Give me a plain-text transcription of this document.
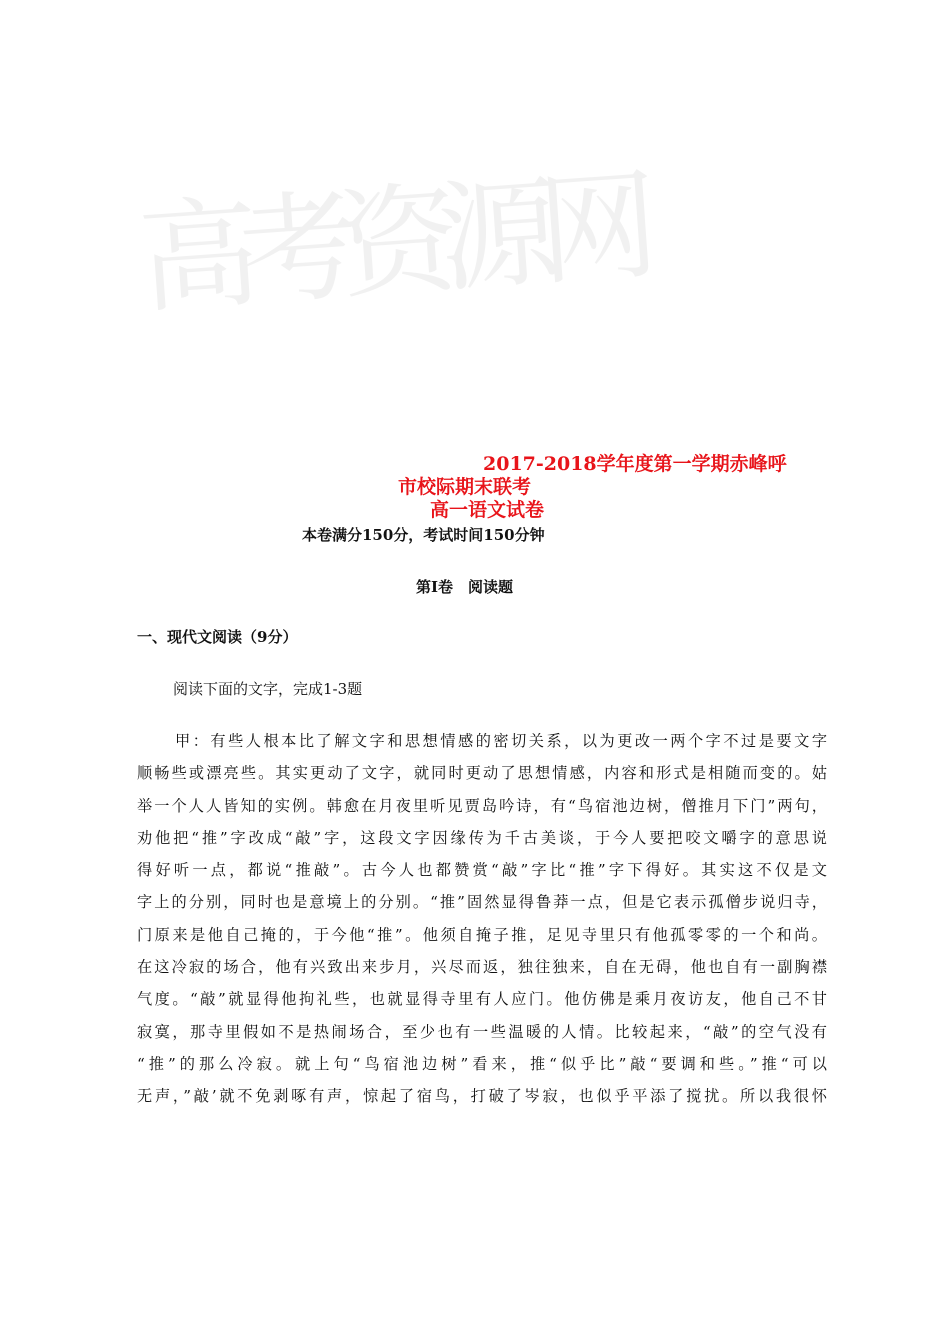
高考资源网
2017-2018学年度第一学期赤峰呼
市校际期末联考
高一语文试卷
本卷满分150分，考试时间150分钟
第Ⅰ卷　阅读题
一、现代文阅读（9分）
阅读下面的文字，完成1-3题
甲：有些人根本比了解文字和思想情感的密切关系，以为更改一两个字不过是要文字
顺畅些或漂亮些。其实更动了文字，就同时更动了思想情感，内容和形式是相随而变的。姑
举一个人人皆知的实例。韩愈在月夜里听见贾岛吟诗，有“鸟宿池边树，僧推月下门”两句，
劝他把“推”字改成“敲”字，这段文字因缘传为千古美谈，于今人要把咬文嚼字的意思说
得好听一点，都说“推敲”。古今人也都赞赏“敲”字比“推”字下得好。其实这不仅是文
字上的分别，同时也是意境上的分别。“推”固然显得鲁莽一点，但是它表示孤僧步说归寺，
门原来是他自己掩的，于今他“推”。他须自掩子推，足见寺里只有他孤零零的一个和尚。
在这冷寂的场合，他有兴致出来步月，兴尽而返，独往独来，自在无碍，他也自有一副胸襟
气度。“敲”就显得他拘礼些，也就显得寺里有人应门。他仿佛是乘月夜访友，他自己不甘
寂寞，那寺里假如不是热闹场合，至少也有一些温暖的人情。比较起来，“敲”的空气没有
“推”的那么冷寂。就上句“鸟宿池边树”看来，推“似乎比”敲“要调和些。”推“可以
无声，”敲’就不免剥啄有声，惊起了宿鸟，打破了岑寂，也似乎平添了搅扰。所以我很怀
